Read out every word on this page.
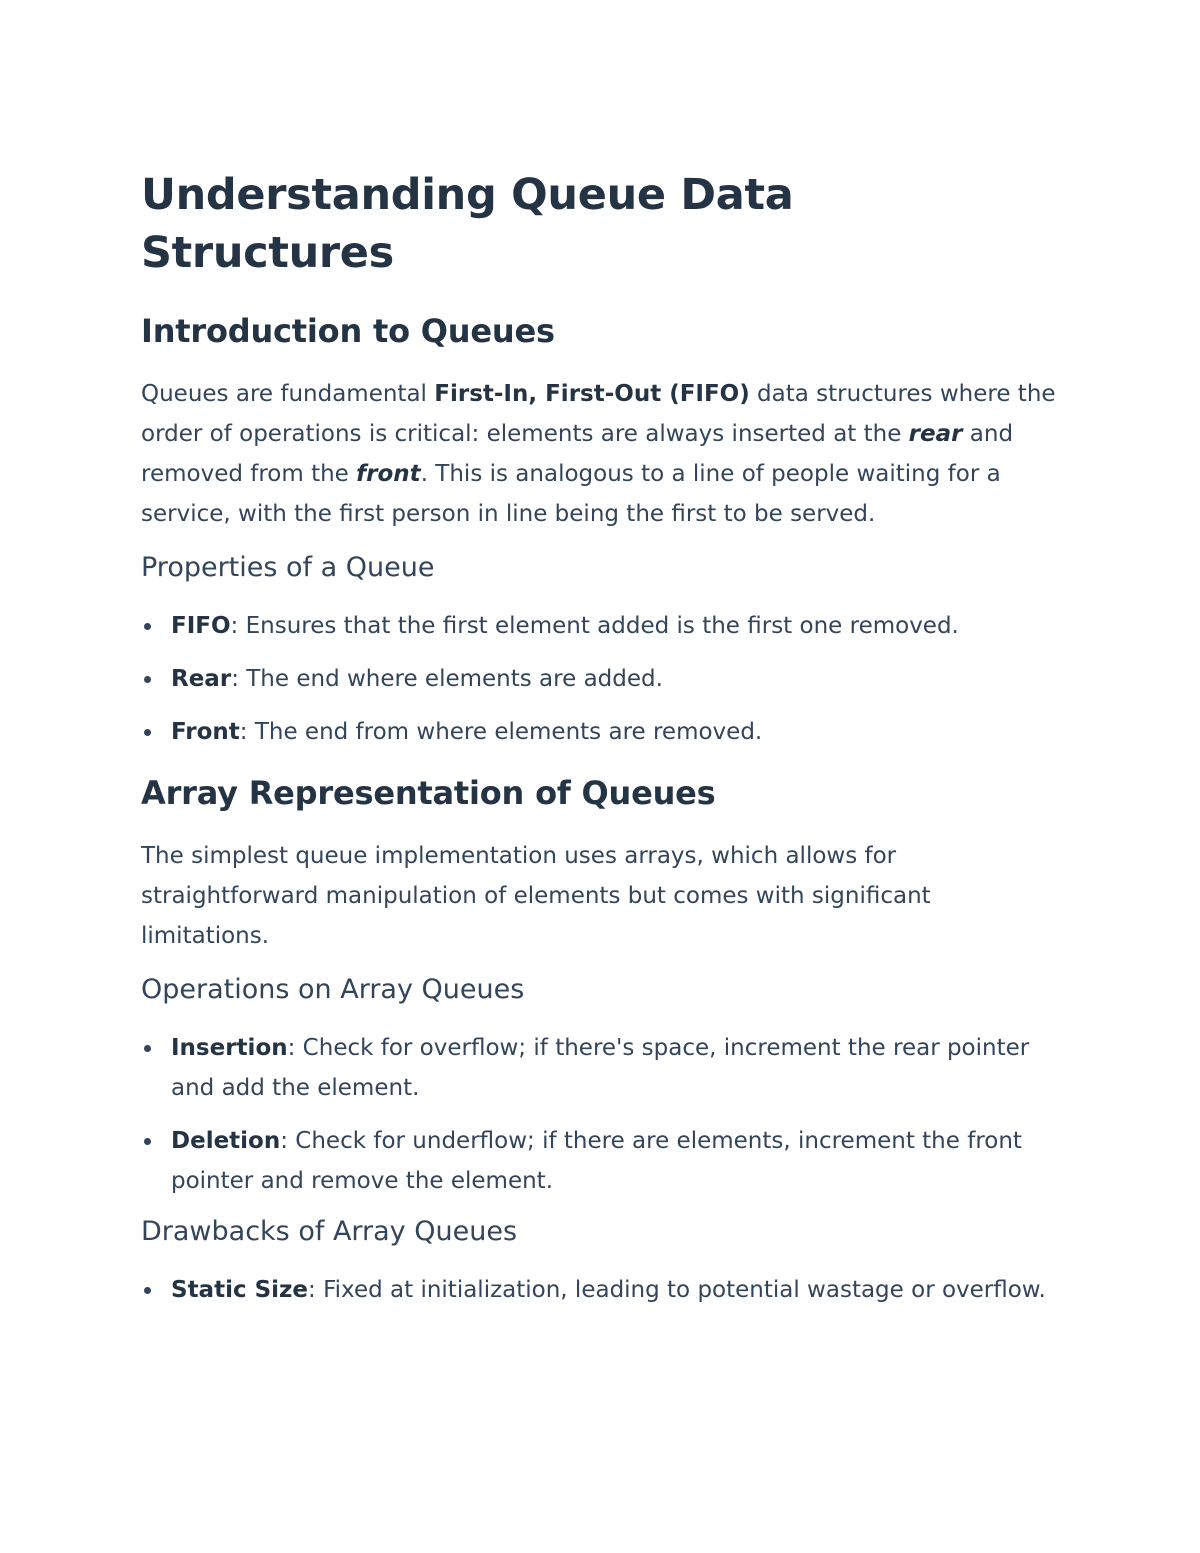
Understanding Queue Data Structures
Introduction to Queues

Queues are fundamental First-In, First-Out (FIFO) data structures where the order of operations is critical: elements are always inserted at the rear and removed from the front. This is analogous to a line of people waiting for a service, with the first person in line being the first to be served.

Properties of a Queue
FIFO: Ensures that the first element added is the first one removed.
Rear: The end where elements are added.
Front: The end from where elements are removed.
Array Representation of Queues

The simplest queue implementation uses arrays, which allows for straightforward manipulation of elements but comes with significant limitations.

Operations on Array Queues
Insertion: Check for overflow; if there's space, increment the rear pointer and add the element.
Deletion: Check for underflow; if there are elements, increment the front pointer and remove the element.
Drawbacks of Array Queues
Static Size: Fixed at initialization, leading to potential wastage or overflow.
